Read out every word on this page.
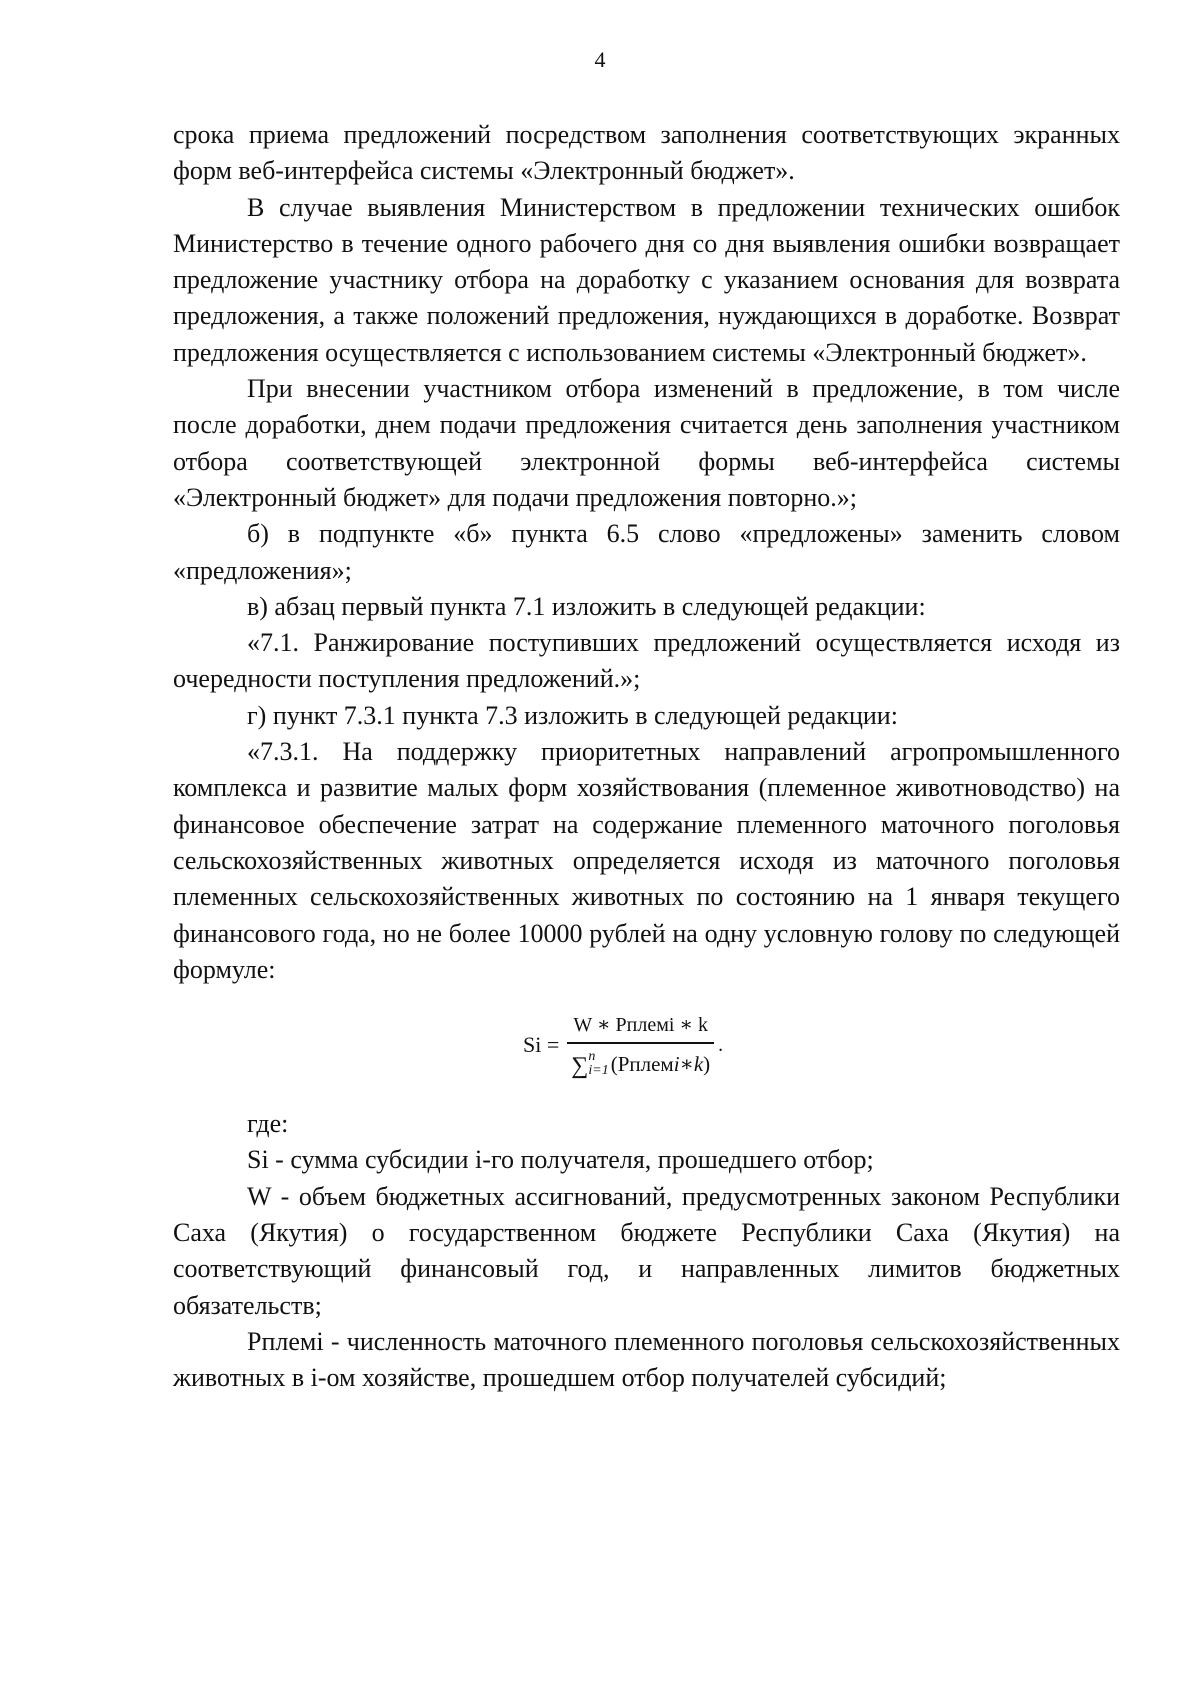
4

срока приема предложений посредством заполнения соответствующих экранных форм веб-интерфейса системы «Электронный бюджет».

В случае выявления Министерством в предложении технических ошибок Министерство в течение одного рабочего дня со дня выявления ошибки возвращает предложение участнику отбора на доработку с указанием основания для возврата предложения, а также положений предложения, нуждающихся в доработке. Возврат предложения осуществляется с использованием системы «Электронный бюджет».

При внесении участником отбора изменений в предложение, в том числе после доработки, днем подачи предложения считается день заполнения участником отбора соответствующей электронной формы веб-интерфейса системы «Электронный бюджет» для подачи предложения повторно.»;

б) в подпункте «б» пункта 6.5 слово «предложены» заменить словом «предложения»;

в) абзац первый пункта 7.1 изложить в следующей редакции:

«7.1. Ранжирование поступивших предложений осуществляется исходя из очередности поступления предложений.»;

г) пункт 7.3.1 пункта 7.3 изложить в следующей редакции:

«7.3.1. На поддержку приоритетных направлений агропромышленного комплекса и развитие малых форм хозяйствования (племенное животноводство) на финансовое обеспечение затрат на содержание племенного маточного поголовья сельскохозяйственных животных определяется исходя из маточного поголовья племенных сельскохозяйственных животных по состоянию на 1 января текущего финансового года, но не более 10000 рублей на одну условную голову по следующей формуле:

Si =
W ∗ Рплемi ∗ k
∑ n
i=1 (Рплем i ∗ k )
.

где:

Si - сумма субсидии i-го получателя, прошедшего отбор;

W - объем бюджетных ассигнований, предусмотренных законом Республики Саха (Якутия) о государственном бюджете Республики Саха (Якутия) на соответствующий финансовый год, и направленных лимитов бюджетных обязательств;

Рплемi - численность маточного племенного поголовья сельскохозяйственных животных в i-ом хозяйстве, прошедшем отбор получателей субсидий;
